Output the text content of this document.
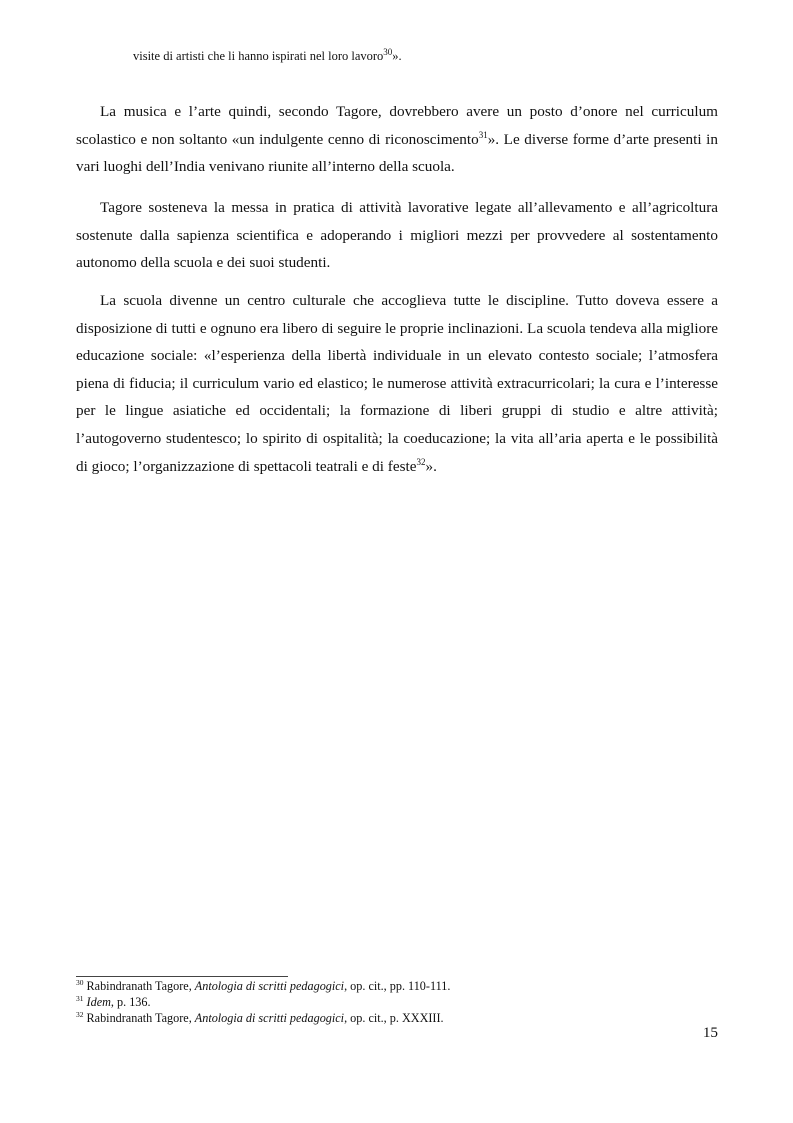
visite di artisti che li hanno ispirati nel loro lavoro$^{30}$».

La musica e l’arte quindi, secondo Tagore, dovrebbero avere un posto d’onore nel curriculum scolastico e non soltanto «un indulgente cenno di riconoscimento$^{31}$». Le diverse forme d’arte presenti in vari luoghi dell’India venivano riunite all’interno della scuola.

Tagore sosteneva la messa in pratica di attività lavorative legate all’allevamento e all’agricoltura sostenute dalla sapienza scientifica e adoperando i migliori mezzi per provvedere al sostentamento autonomo della scuola e dei suoi studenti.

La scuola divenne un centro culturale che accoglieva tutte le discipline. Tutto doveva essere a disposizione di tutti e ognuno era libero di seguire le proprie inclinazioni. La scuola tendeva alla migliore educazione sociale: «l’esperienza della libertà individuale in un elevato contesto sociale; l’atmosfera piena di fiducia; il curriculum vario ed elastico; le numerose attività extracurricolari; la cura e l’interesse per le lingue asiatiche ed occidentali; la formazione di liberi gruppi di studio e altre attività; l’autogoverno studentesco; lo spirito di ospitalità; la coeducazione; la vita all’aria aperta e le possibilità di gioco; l’organizzazione di spettacoli teatrali e di feste$^{32}$».

$^{30}$ Rabindranath Tagore, Antologia di scritti pedagogici, op. cit., pp. 110-111.
$^{31}$ Idem, p. 136.
$^{32}$ Rabindranath Tagore, Antologia di scritti pedagogici, op. cit., p. XXXIII.
15
